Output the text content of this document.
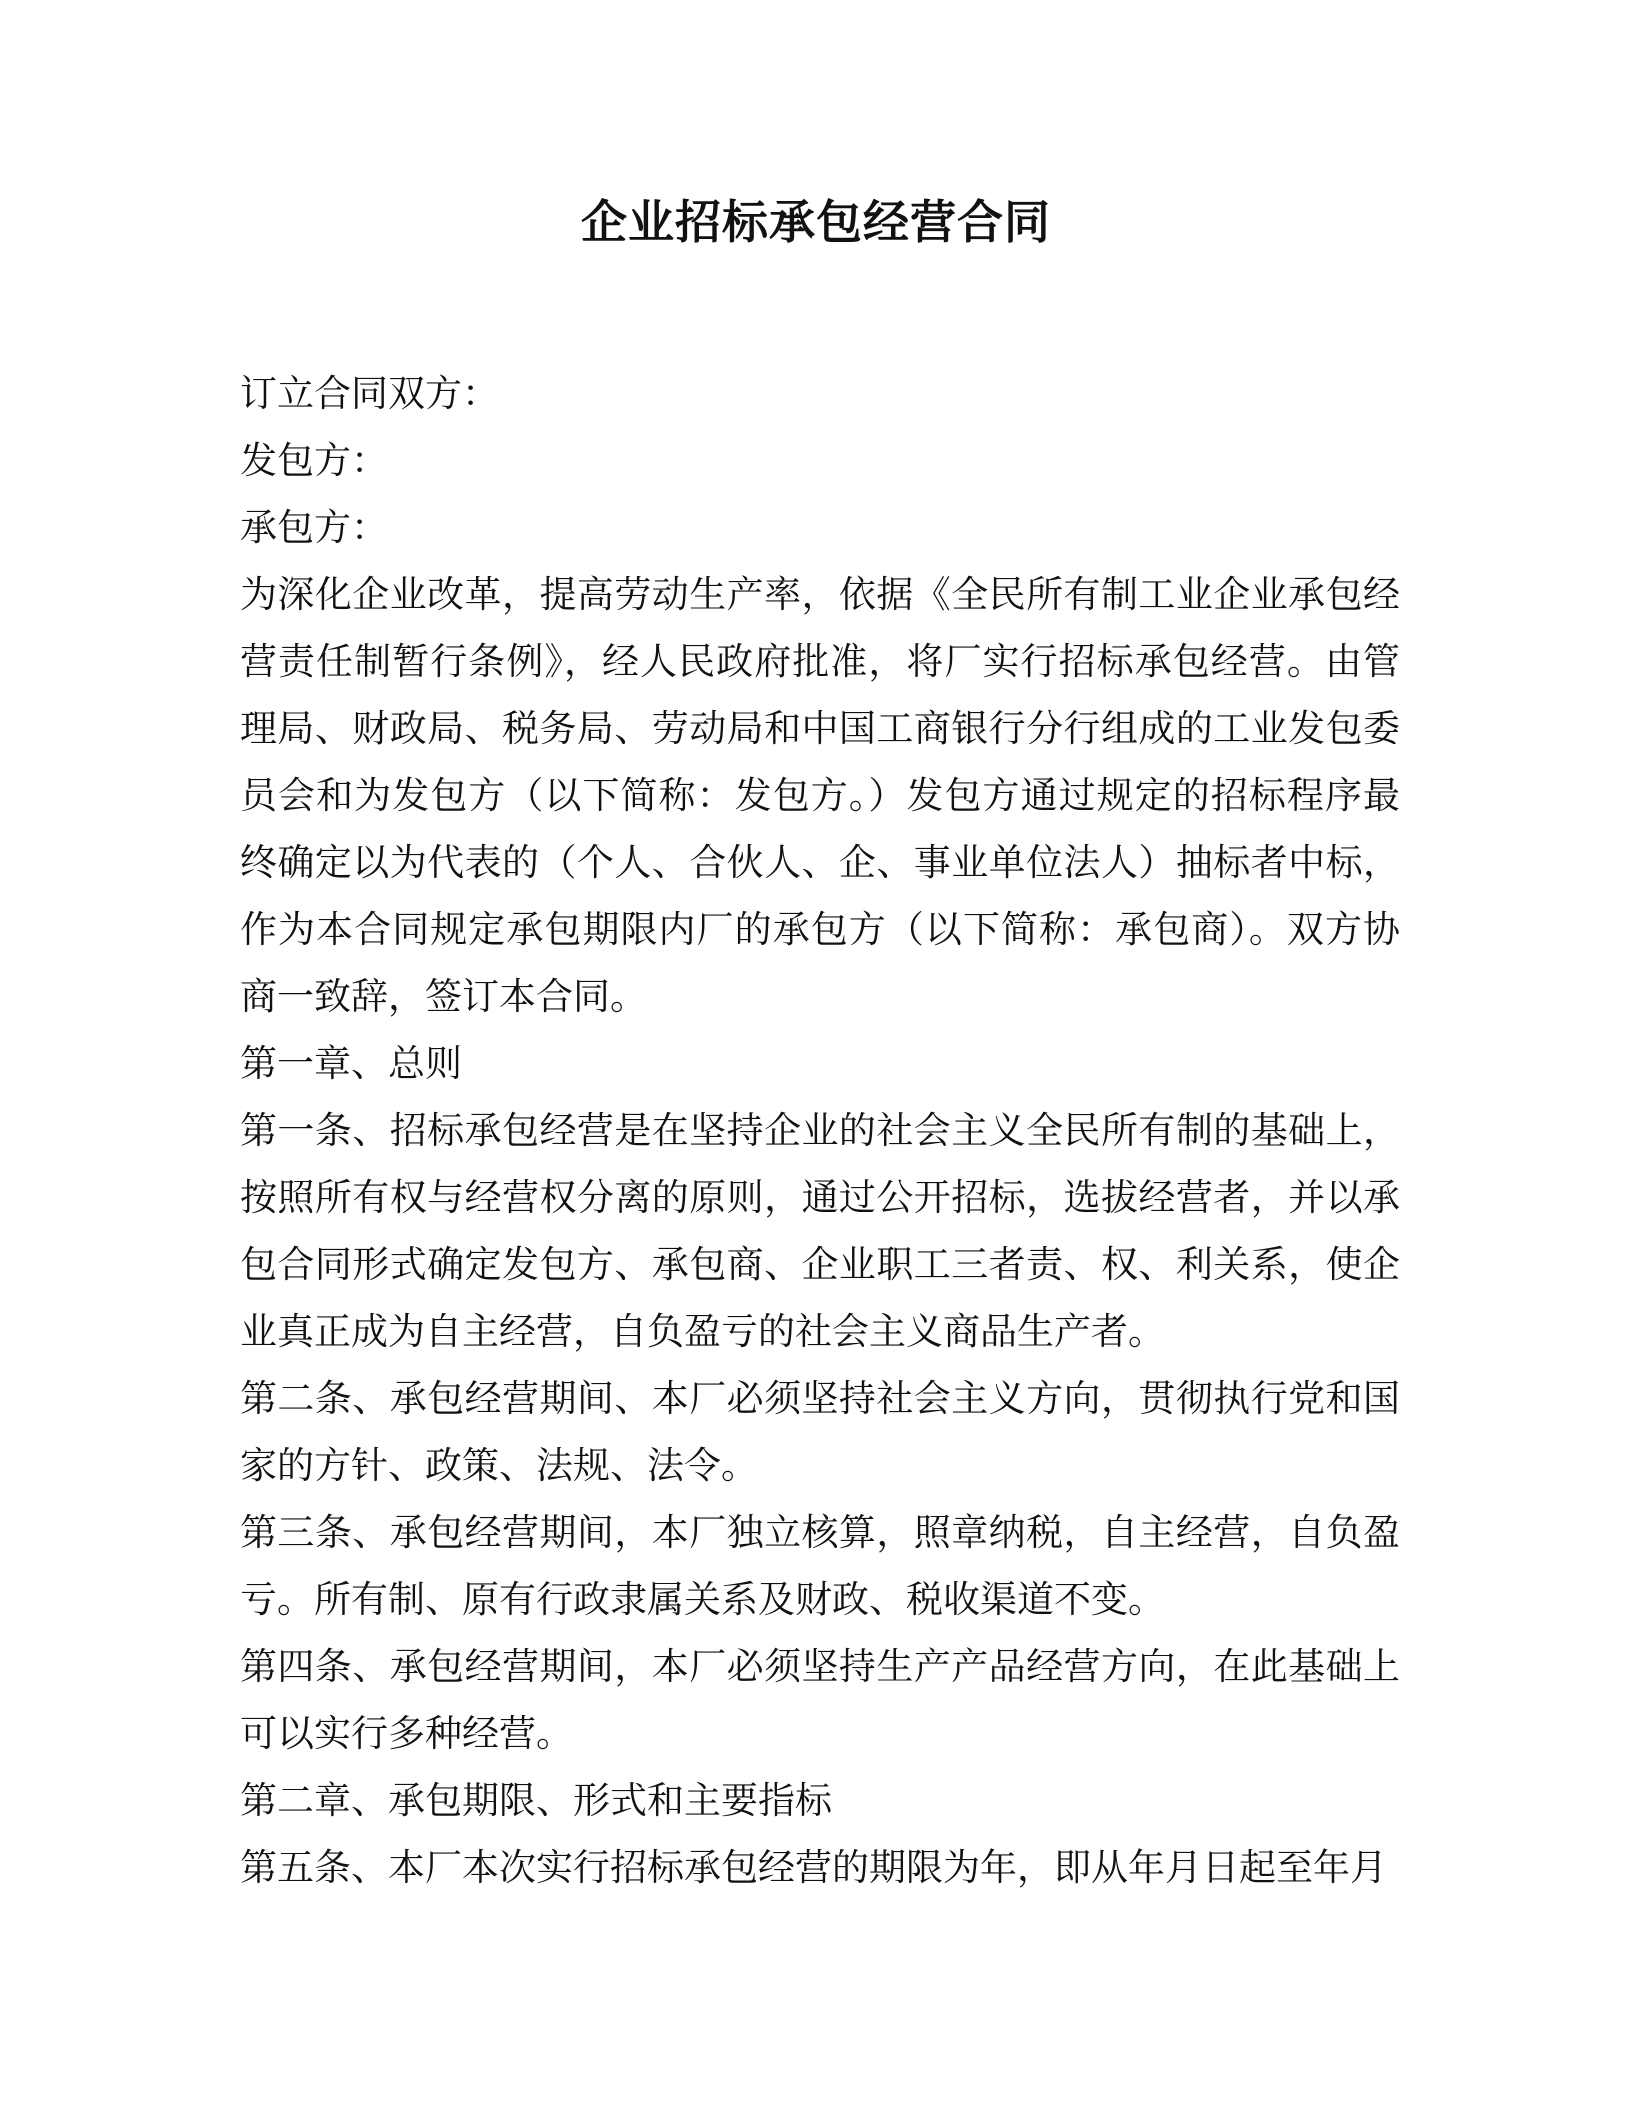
企业招标承包经营合同

订立合同双方：

发包方：

承包方：

为深化企业改革，提高劳动生产率，依据《全民所有制工业企业承包经营责任制暂行条例》，经人民政府批准，将厂实行招标承包经营。由管理局、财政局、税务局、劳动局和中国工商银行分行组成的工业发包委员会和为发包方（以下简称：发包方。）发包方通过规定的招标程序最终确定以为代表的（个人、合伙人、企、事业单位法人）抽标者中标，作为本合同规定承包期限内厂的承包方（以下简称：承包商）。双方协商一致辞，签订本合同。

第一章、总则

第一条、招标承包经营是在坚持企业的社会主义全民所有制的基础上，按照所有权与经营权分离的原则，通过公开招标，选拔经营者，并以承包合同形式确定发包方、承包商、企业职工三者责、权、利关系，使企业真正成为自主经营，自负盈亏的社会主义商品生产者。

第二条、承包经营期间、本厂必须坚持社会主义方向，贯彻执行党和国家的方针、政策、法规、法令。

第三条、承包经营期间，本厂独立核算，照章纳税，自主经营，自负盈亏。所有制、原有行政隶属关系及财政、税收渠道不变。

第四条、承包经营期间，本厂必须坚持生产产品经营方向，在此基础上可以实行多种经营。

第二章、承包期限、形式和主要指标

第五条、本厂本次实行招标承包经营的期限为年，即从年月日起至年月
